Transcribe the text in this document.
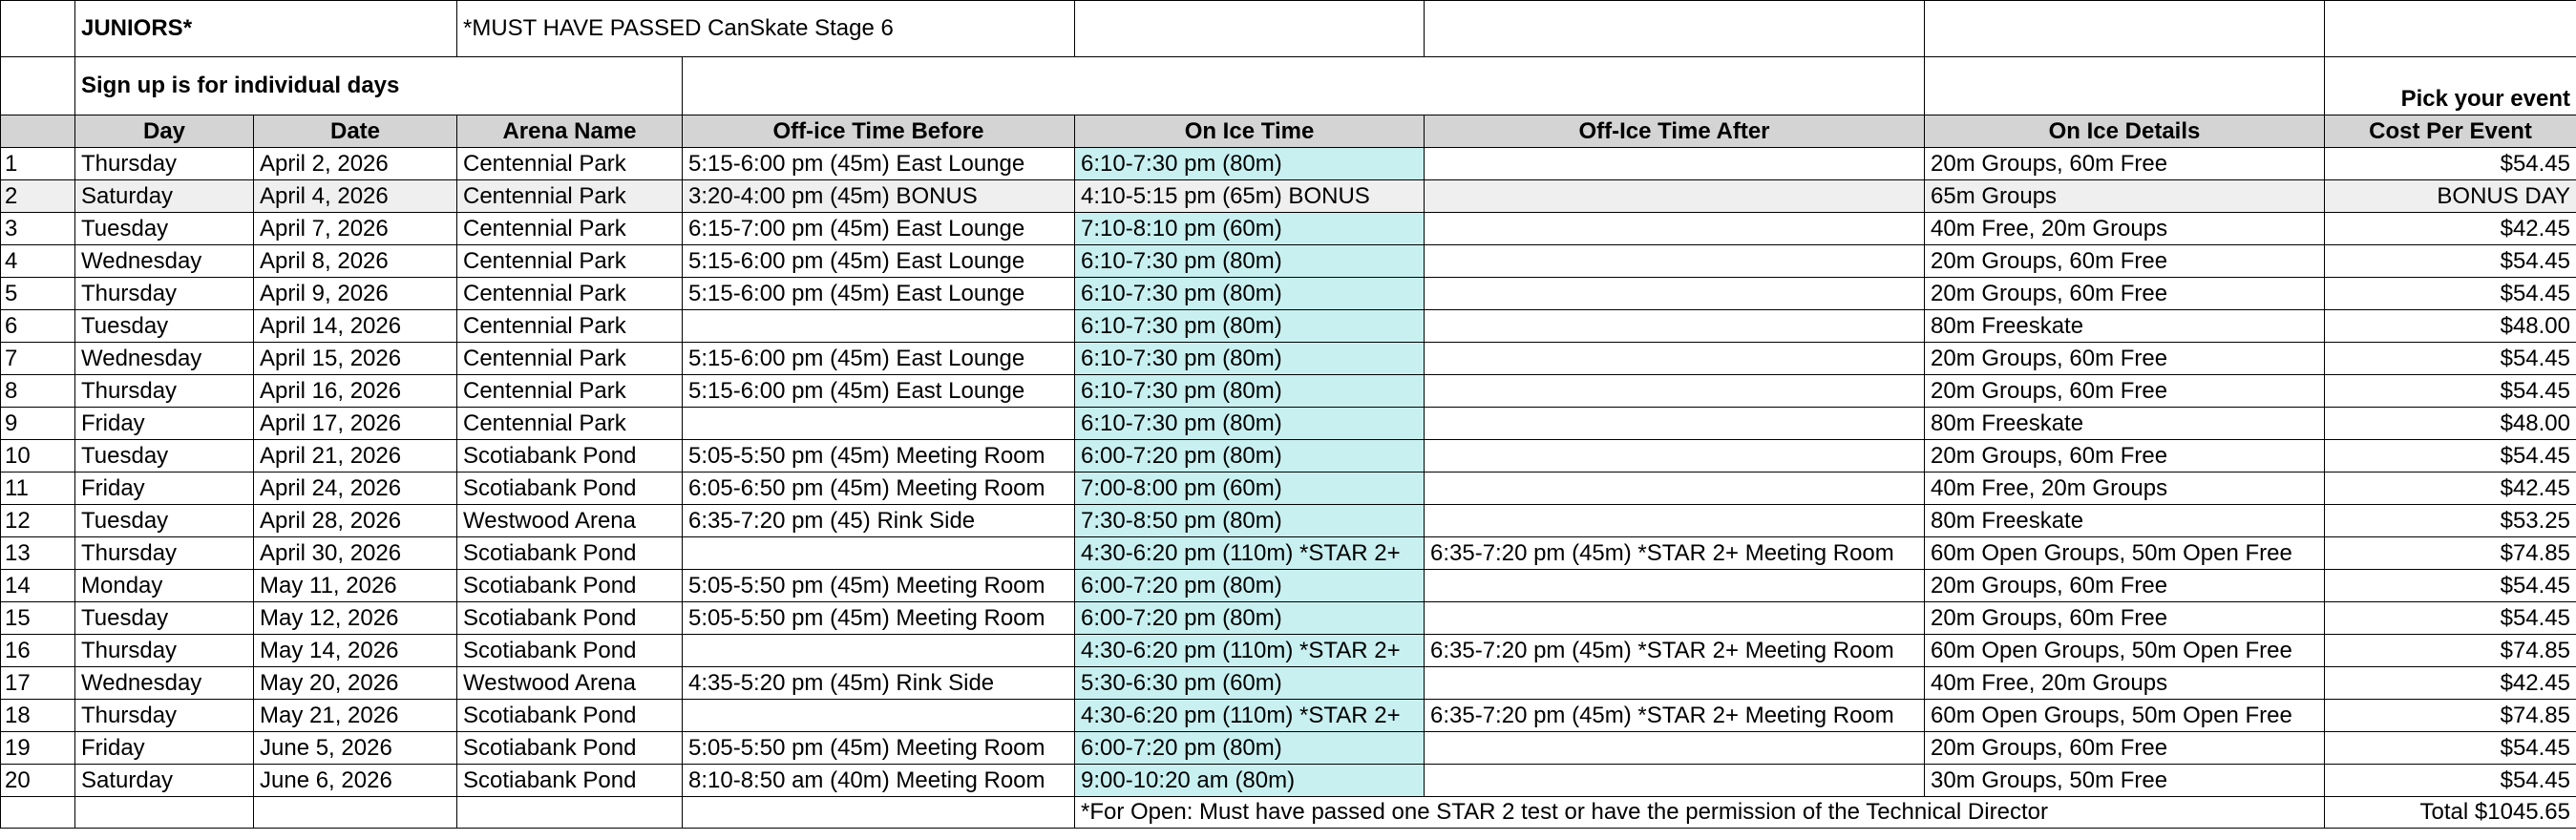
	JUNIORS*		*MUST HAVE PASSED CanSkate Stage 6					
	Sign up is for individual days							Pick your event
	Day	Date	Arena Name	Off-ice Time Before	On Ice Time	Off-Ice Time After	On Ice Details	Cost Per Event
1	Thursday	April 2, 2026	Centennial Park	5:15-6:00 pm (45m) East Lounge	6:10-7:30 pm (80m)		20m Groups, 60m Free	$54.45
2	Saturday	April 4, 2026	Centennial Park	3:20-4:00 pm (45m) BONUS	4:10-5:15 pm (65m) BONUS		65m Groups	BONUS DAY
3	Tuesday	April 7, 2026	Centennial Park	6:15-7:00 pm (45m) East Lounge	7:10-8:10 pm (60m)		40m Free, 20m Groups	$42.45
4	Wednesday	April 8, 2026	Centennial Park	5:15-6:00 pm (45m) East Lounge	6:10-7:30 pm (80m)		20m Groups, 60m Free	$54.45
5	Thursday	April 9, 2026	Centennial Park	5:15-6:00 pm (45m) East Lounge	6:10-7:30 pm (80m)		20m Groups, 60m Free	$54.45
6	Tuesday	April 14, 2026	Centennial Park		6:10-7:30 pm (80m)		80m Freeskate	$48.00
7	Wednesday	April 15, 2026	Centennial Park	5:15-6:00 pm (45m) East Lounge	6:10-7:30 pm (80m)		20m Groups, 60m Free	$54.45
8	Thursday	April 16, 2026	Centennial Park	5:15-6:00 pm (45m) East Lounge	6:10-7:30 pm (80m)		20m Groups, 60m Free	$54.45
9	Friday	April 17, 2026	Centennial Park		6:10-7:30 pm (80m)		80m Freeskate	$48.00
10	Tuesday	April 21, 2026	Scotiabank Pond	5:05-5:50 pm (45m) Meeting Room	6:00-7:20 pm (80m)		20m Groups, 60m Free	$54.45
11	Friday	April 24, 2026	Scotiabank Pond	6:05-6:50 pm (45m) Meeting Room	7:00-8:00 pm (60m)		40m Free, 20m Groups	$42.45
12	Tuesday	April 28, 2026	Westwood Arena	6:35-7:20 pm (45) Rink Side	7:30-8:50 pm (80m)		80m Freeskate	$53.25
13	Thursday	April 30, 2026	Scotiabank Pond		4:30-6:20 pm (110m) *STAR 2+	6:35-7:20 pm (45m) *STAR 2+ Meeting Room	60m Open Groups, 50m Open Free	$74.85
14	Monday	May 11, 2026	Scotiabank Pond	5:05-5:50 pm (45m) Meeting Room	6:00-7:20 pm (80m)		20m Groups, 60m Free	$54.45
15	Tuesday	May 12, 2026	Scotiabank Pond	5:05-5:50 pm (45m) Meeting Room	6:00-7:20 pm (80m)		20m Groups, 60m Free	$54.45
16	Thursday	May 14, 2026	Scotiabank Pond		4:30-6:20 pm (110m) *STAR 2+	6:35-7:20 pm (45m) *STAR 2+ Meeting Room	60m Open Groups, 50m Open Free	$74.85
17	Wednesday	May 20, 2026	Westwood Arena	4:35-5:20 pm (45m) Rink Side	5:30-6:30 pm (60m)		40m Free, 20m Groups	$42.45
18	Thursday	May 21, 2026	Scotiabank Pond		4:30-6:20 pm (110m) *STAR 2+	6:35-7:20 pm (45m) *STAR 2+ Meeting Room	60m Open Groups, 50m Open Free	$74.85
19	Friday	June 5, 2026	Scotiabank Pond	5:05-5:50 pm (45m) Meeting Room	6:00-7:20 pm (80m)		20m Groups, 60m Free	$54.45
20	Saturday	June 6, 2026	Scotiabank Pond	8:10-8:50 am (40m) Meeting Room	9:00-10:20 am (80m)		30m Groups, 50m Free	$54.45
					*For Open: Must have passed one STAR 2 test or have the permission of the Technical Director			Total $1045.65
